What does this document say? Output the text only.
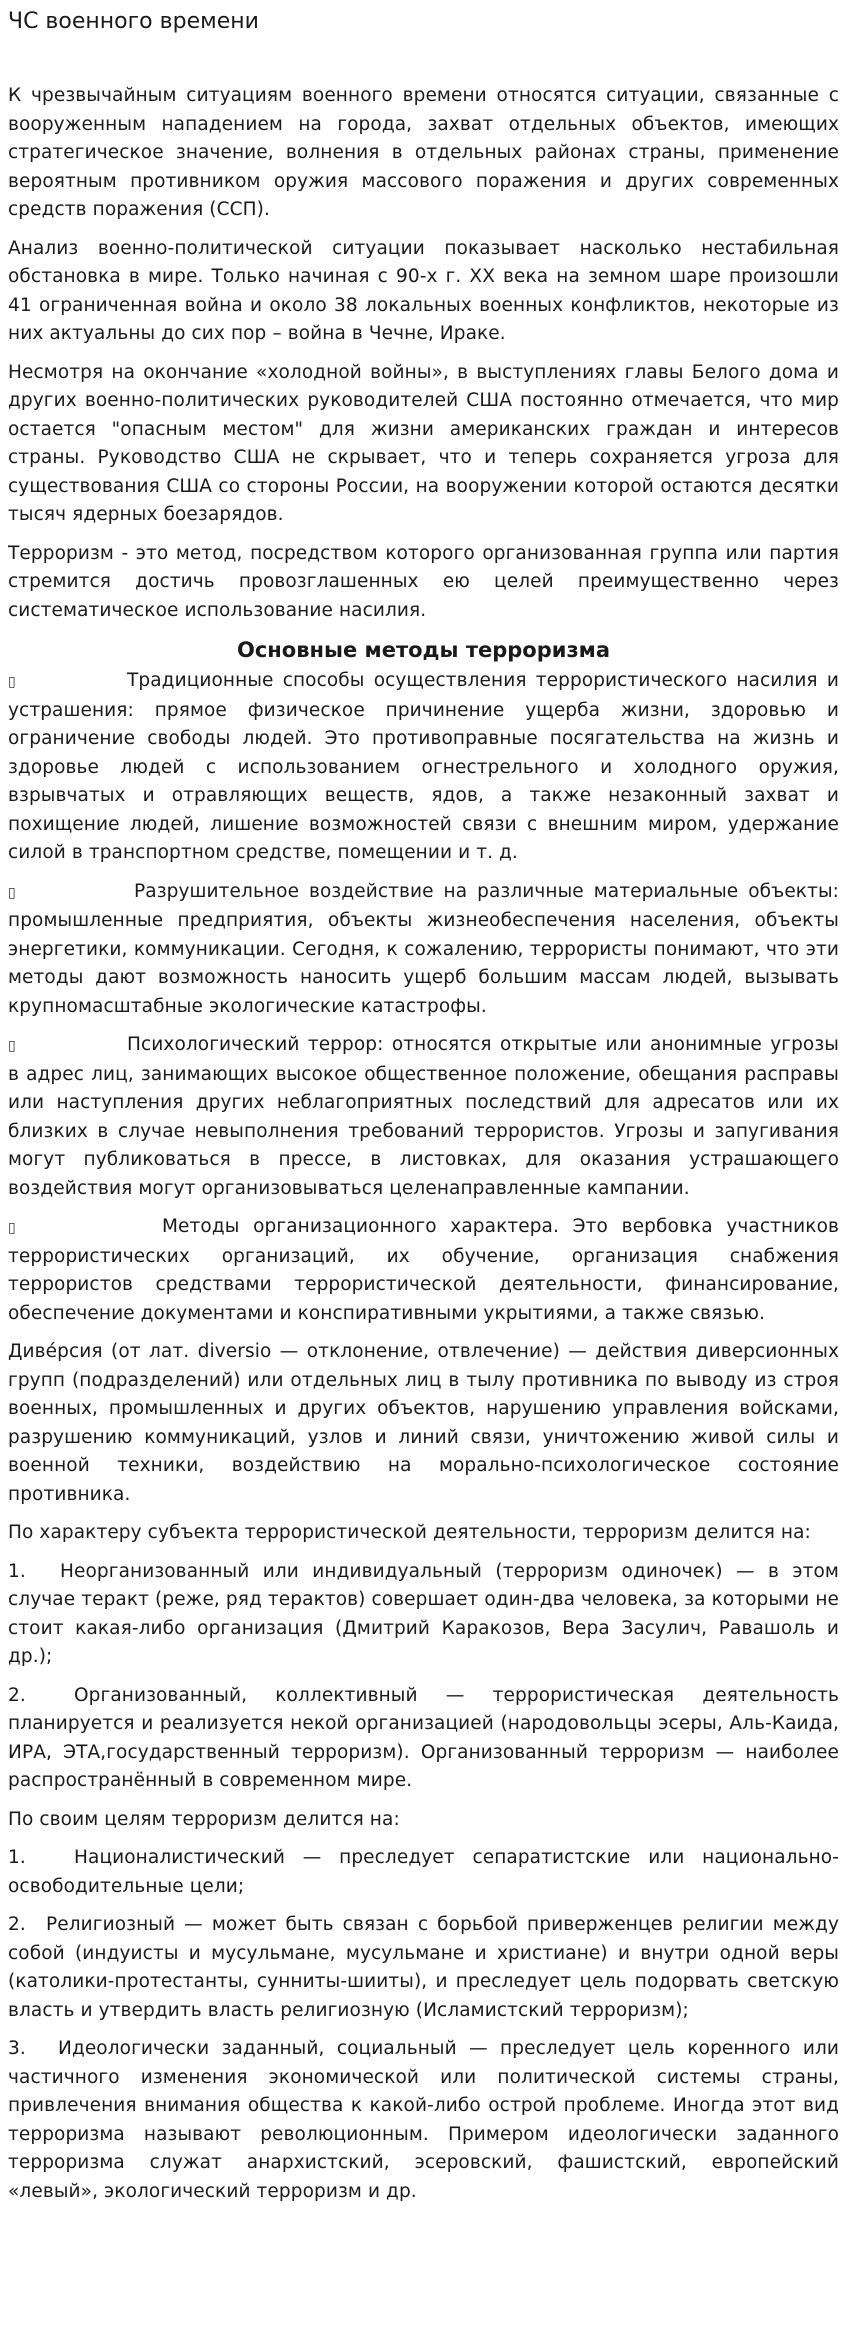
ЧС военного времени

К чрезвычайным ситуациям военного времени относятся ситуации, связанные с вооруженным нападением на города, захват отдельных объектов, имеющих стратегическое значение, волнения в отдельных районах страны, применение вероятным противником оружия массового поражения и других современных средств поражения (ССП).

Анализ военно-политической ситуации показывает насколько нестабильная обстановка в мире. Только начиная с 90-х г. ХХ века на земном шаре произошли 41 ограниченная война и около 38 локальных военных конфликтов, некоторые из них актуальны до сих пор – война в Чечне, Ираке.

Несмотря на окончание «холодной войны», в выступлениях главы Белого дома и других военно-политических руководителей США постоянно отмечается, что мир остается "опасным местом" для жизни американских граждан и интересов страны. Руководство США не скрывает, что и теперь сохраняется угроза для существования США со стороны России, на вооружении которой остаются десятки тысяч ядерных боезарядов.

Терроризм - это метод, посредством которого организованная группа или партия стремится достичь провозглашенных ею целей преимущественно через систематическое использование насилия.

Основные методы терроризма

▯	Традиционные способы осуществления террористического насилия и устрашения: прямое физическое причинение ущерба жизни, здоровью и ограничение свободы людей. Это противоправные посягательства на жизнь и здоровье людей с использованием огнестрельного и холодного оружия, взрывчатых и отравляющих веществ, ядов, а также незаконный захват и похищение людей, лишение возможностей связи с внешним миром, удержание силой в транспортном средстве, помещении и т. д.

▯	Разрушительное воздействие на различные материальные объекты: промышленные предприятия, объекты жизнеобеспечения населения, объекты энергетики, коммуникации. Сегодня, к сожалению, террористы понимают, что эти методы дают возможность наносить ущерб большим массам людей, вызывать крупномасштабные экологические катастрофы.

▯	Психологический террор: относятся открытые или анонимные угрозы в адрес лиц, занимающих высокое общественное положение, обещания расправы или наступления других неблагоприятных последствий для адресатов или их близких в случае невыполнения требований террористов. Угрозы и запугивания могут публиковаться в прессе, в листовках, для оказания устрашающего воздействия могут организовываться целенаправленные кампании.

▯	Методы организационного характера. Это вербовка участников террористических организаций, их обучение, организация снабжения террористов средствами террористической деятельности, финансирование, обеспечение документами и конспиративными укрытиями, а также связью.

Диве́рсия (от лат. diversio — отклонение, отвлечение) — действия диверсионных групп (подразделений) или отдельных лиц в тылу противника по выводу из строя военных, промышленных и других объектов, нарушению управления войсками, разрушению коммуникаций, узлов и линий связи, уничтожению живой силы и военной техники, воздействию на морально-психологическое состояние противника.

По характеру субъекта террористической деятельности, терроризм делится на:

1. Неорганизованный или индивидуальный (терроризм одиночек) — в этом случае теракт (реже, ряд терактов) совершает один-два человека, за которыми не стоит какая-либо организация (Дмитрий Каракозов, Вера Засулич, Равашоль и др.);

2.	Организованный, коллективный — террористическая деятельность планируется и реализуется некой организацией (народовольцы эсеры, Аль-Каида, ИРА, ЭТА,государственный терроризм). Организованный терроризм — наиболее распространённый в современном мире.

По своим целям терроризм делится на:

1.	Националистический — преследует сепаратистские или национально-освободительные цели;

2. Религиозный — может быть связан с борьбой приверженцев религии между собой (индуисты и мусульмане, мусульмане и христиане) и внутри одной веры (католики-протестанты, сунниты-шииты), и преследует цель подорвать светскую власть и утвердить власть религиозную (Исламистский терроризм);

3. Идеологически заданный, социальный — преследует цель коренного или частичного изменения экономической или политической системы страны, привлечения внимания общества к какой-либо острой проблеме. Иногда этот вид терроризма называют революционным. Примером идеологически заданного терроризма служат анархистский, эсеровский, фашистский, европейский «левый», экологический терроризм и др.
